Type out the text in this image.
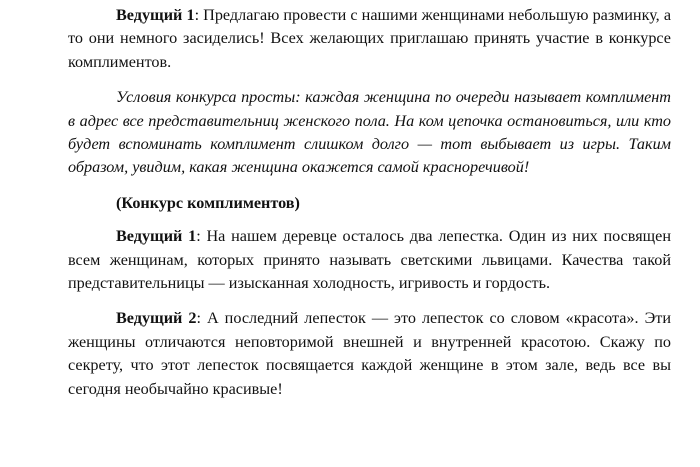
Ведущий 1: Предлагаю провести с нашими женщинами небольшую разминку, а то они немного засиделись! Всех желающих приглашаю принять участие в конкурсе комплиментов.

Условия конкурса просты: каждая женщина по очереди называет комплимент в адрес все представительниц женского пола. На ком цепочка остановиться, или кто будет вспоминать комплимент слишком долго — тот выбывает из игры. Таким образом, увидим, какая женщина окажется самой красноречивой!

(Конкурс комплиментов)

Ведущий 1: На нашем деревце осталось два лепестка. Один из них посвящен всем женщинам, которых принято называть светскими львицами. Качества такой представительницы — изысканная холодность, игривость и гордость.

Ведущий 2: А последний лепесток — это лепесток со словом «красота». Эти женщины отличаются неповторимой внешней и внутренней красотою. Скажу по секрету, что этот лепесток посвящается каждой женщине в этом зале, ведь все вы сегодня необычайно красивые!
